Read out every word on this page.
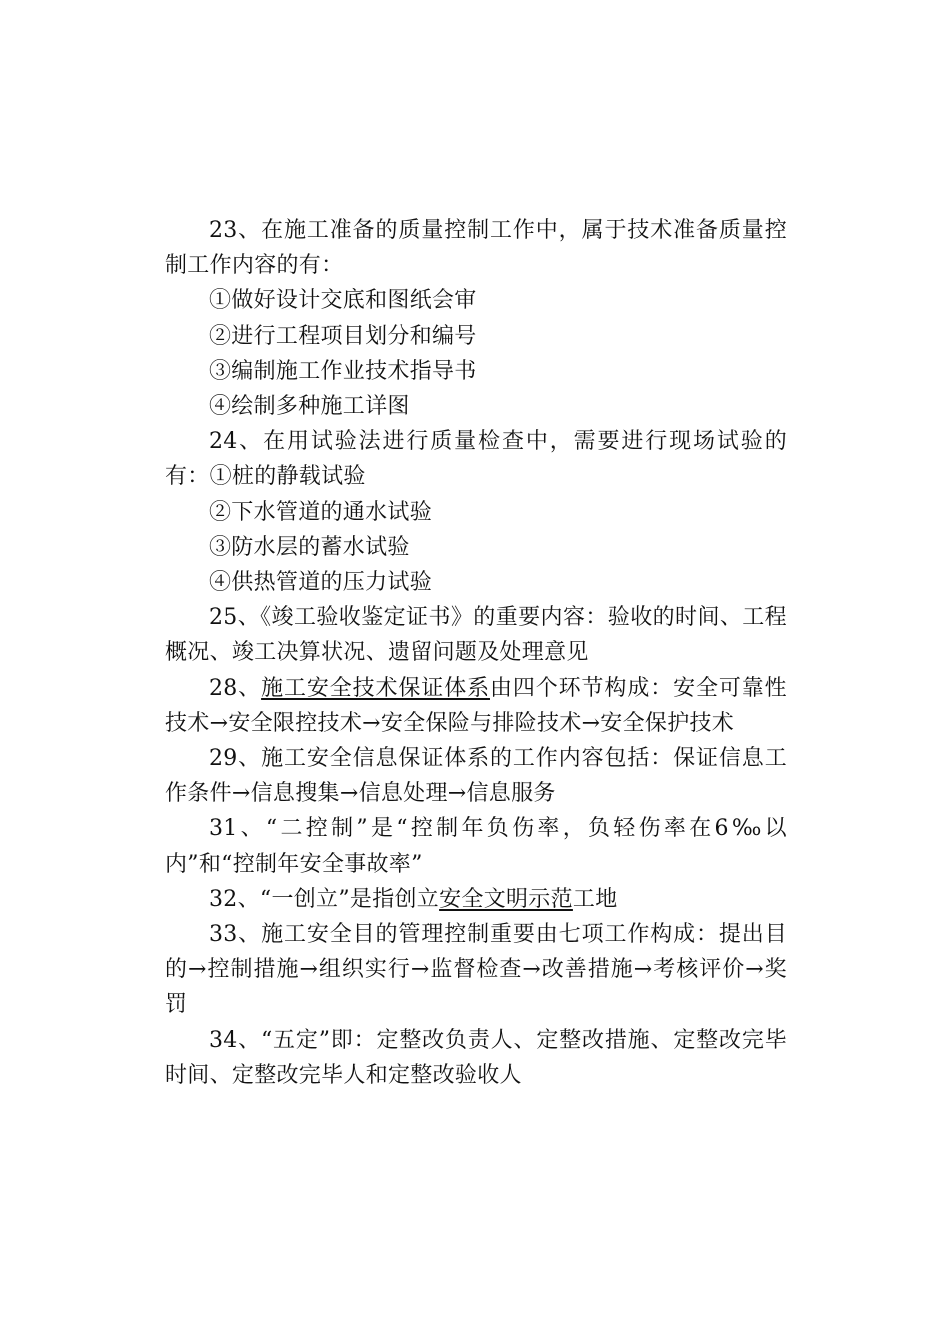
23、在施工准备的质量控制工作中，属于技术准备质量控制工作内容的有：

①做好设计交底和图纸会审

②进行工程项目划分和编号

③编制施工作业技术指导书

④绘制多种施工详图

24、在用试验法进行质量检查中，需要进行现场试验的有：①桩的静载试验

②下水管道的通水试验

③防水层的蓄水试验

④供热管道的压力试验

25、《竣工验收鉴定证书》的重要内容：验收的时间、工程概况、竣工决算状况、遗留问题及处理意见

28、施工安全技术保证体系由四个环节构成：安全可靠性技术→安全限控技术→安全保险与排险技术→安全保护技术

29、施工安全信息保证体系的工作内容包括：保证信息工作条件→信息搜集→信息处理→信息服务

31、“二控制”是“控制年负伤率，负轻伤率在6‰以内”和“控制年安全事故率”

32、“一创立”是指创立安全文明示范工地

33、施工安全目的管理控制重要由七项工作构成：提出目的→控制措施→组织实行→监督检查→改善措施→考核评价→奖罚

34、“五定”即：定整改负责人、定整改措施、定整改完毕时间、定整改完毕人和定整改验收人
